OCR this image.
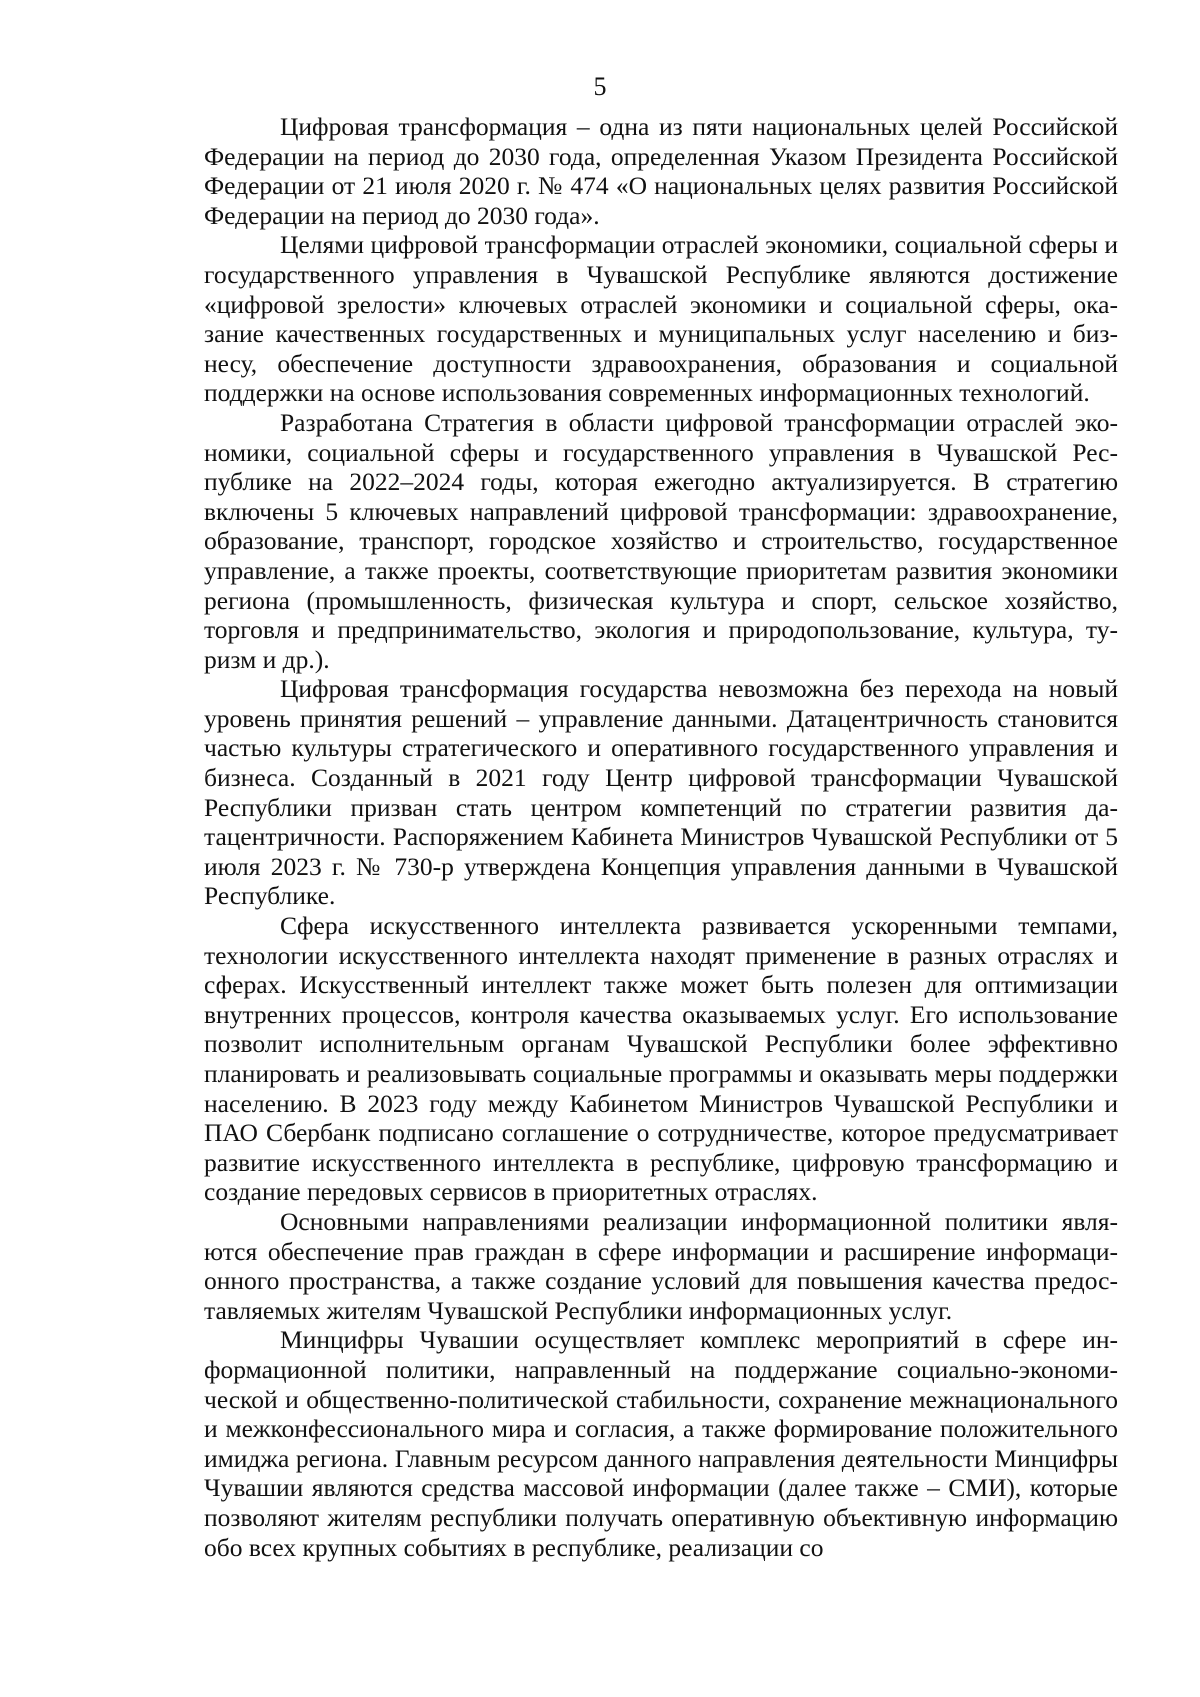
5

Цифровая трансформация – одна из пяти национальных целей Российской Федерации на период до 2030 года, определенная Указом Президента Российской Федерации от 21 июля 2020 г. № 474 «О национальных целях развития Российской Федерации на период до 2030 года».

Целями цифровой трансформации отраслей экономики, социальной сферы и государственного управления в Чувашской Республике являются достижение «цифровой зрелости» ключевых отраслей экономики и социальной сферы, оказание качественных государственных и муниципальных услуг населению и бизнесу, обеспечение доступности здравоохранения, образования и социальной поддержки на основе использования современных информационных технологий.

Разработана Стратегия в области цифровой трансформации отраслей экономики, социальной сферы и государственного управления в Чувашской Республике на 2022–2024 годы, которая ежегодно актуализируется. В стратегию включены 5 ключевых направлений цифровой трансформации: здравоохранение, образование, транспорт, городское хозяйство и строительство, государственное управление, а также проекты, соответствующие приоритетам развития экономики региона (промышленность, физическая культура и спорт, сельское хозяйство, торговля и предпринимательство, экология и природопользование, культура, туризм и др.).

Цифровая трансформация государства невозможна без перехода на новый уровень принятия решений – управление данными. Датацентричность становится частью культуры стратегического и оперативного государственного управления и бизнеса. Созданный в 2021 году Центр цифровой трансформации Чувашской Республики призван стать центром компетенций по стратегии развития датацентричности. Распоряжением Кабинета Министров Чувашской Республики от 5 июля 2023 г. № 730-р утверждена Концепция управления данными в Чувашской Республике.

Сфера искусственного интеллекта развивается ускоренными темпами, технологии искусственного интеллекта находят применение в разных отраслях и сферах. Искусственный интеллект также может быть полезен для оптимизации внутренних процессов, контроля качества оказываемых услуг. Его использование позволит исполнительным органам Чувашской Республики более эффективно планировать и реализовывать социальные программы и оказывать меры поддержки населению. В 2023 году между Кабинетом Министров Чувашской Республики и ПАО Сбербанк подписано соглашение о сотрудничестве, которое предусматривает развитие искусственного интеллекта в республике, цифровую трансформацию и создание передовых сервисов в приоритетных отраслях.

Основными направлениями реализации информационной политики являются обеспечение прав граждан в сфере информации и расширение информационного пространства, а также создание условий для повышения качества предоставляемых жителям Чувашской Республики информационных услуг.

Минцифры Чувашии осуществляет комплекс мероприятий в сфере информационной политики, направленный на поддержание социально-экономической и общественно-политической стабильности, сохранение межнационального и межконфессионального мира и согласия, а также формирование положительного имиджа региона. Главным ресурсом данного направления деятельности Минцифры Чувашии являются средства массовой информации (далее также – СМИ), которые позволяют жителям республики получать оперативную объективную информацию обо всех крупных событиях в республике, реализации со
